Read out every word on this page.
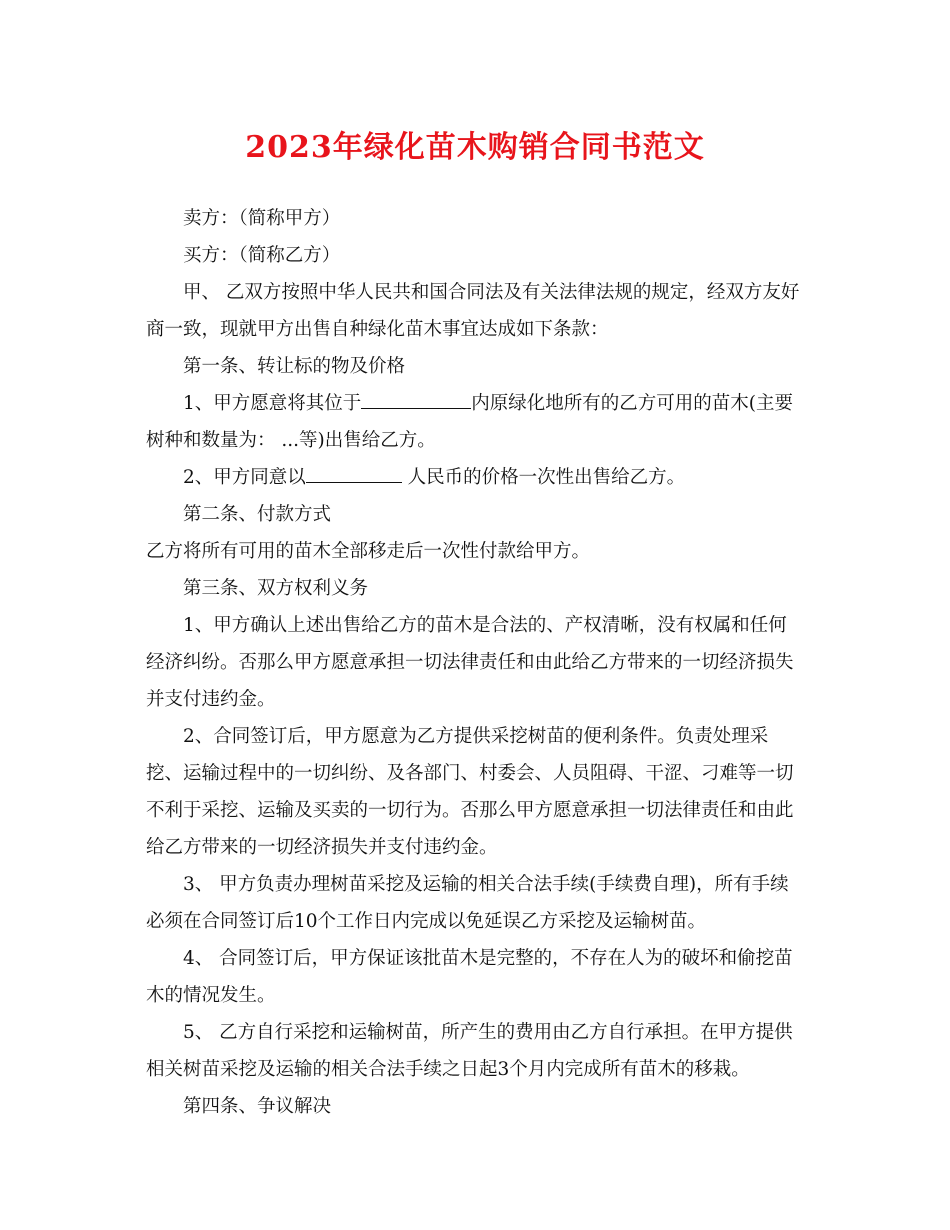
2023年绿化苗木购销合同书范文

卖方：（简称甲方）

买方：（简称乙方）

甲、 乙双方按照中华人民共和国合同法及有关法律法规的规定，经双方友好

商一致，现就甲方出售自种绿化苗木事宜达成如下条款：

第一条、转让标的物及价格

1、甲方愿意将其位于	内原绿化地所有的乙方可用的苗木(主要

树种和数量为： ...等)出售给乙方。

2、甲方同意以	人民币的价格一次性出售给乙方。

第二条、付款方式

乙方将所有可用的苗木全部移走后一次性付款给甲方。

第三条、双方权利义务

1、甲方确认上述出售给乙方的苗木是合法的、产权清晰，没有权属和任何

经济纠纷。否那么甲方愿意承担一切法律责任和由此给乙方带来的一切经济损失

并支付违约金。

2、合同签订后，甲方愿意为乙方提供采挖树苗的便利条件。负责处理采

挖、运输过程中的一切纠纷、及各部门、村委会、人员阻碍、干涩、刁难等一切

不利于采挖、运输及买卖的一切行为。否那么甲方愿意承担一切法律责任和由此

给乙方带来的一切经济损失并支付违约金。

3、 甲方负责办理树苗采挖及运输的相关合法手续(手续费自理)，所有手续

必须在合同签订后10个工作日内完成以免延误乙方采挖及运输树苗。

4、 合同签订后，甲方保证该批苗木是完整的，不存在人为的破坏和偷挖苗

木的情况发生。

5、 乙方自行采挖和运输树苗，所产生的费用由乙方自行承担。在甲方提供

相关树苗采挖及运输的相关合法手续之日起3个月内完成所有苗木的移栽。

第四条、争议解决
